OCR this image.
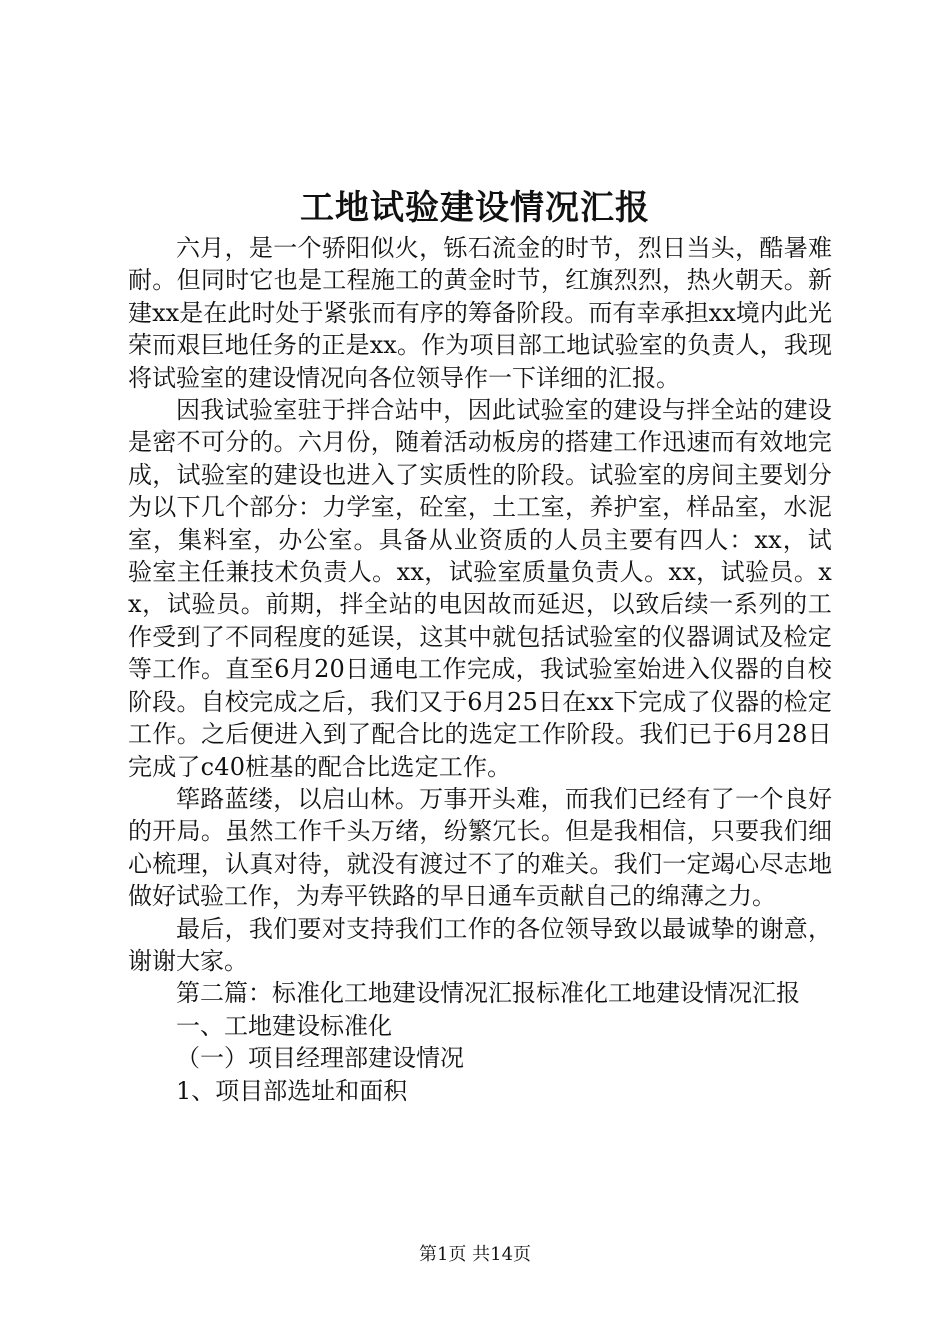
工地试验建设情况汇报

六月，是一个骄阳似火，铄石流金的时节，烈日当头，酷暑难耐。但同时它也是工程施工的黄金时节，红旗烈烈，热火朝天。新建xx是在此时处于紧张而有序的筹备阶段。而有幸承担xx境内此光荣而艰巨地任务的正是xx。作为项目部工地试验室的负责人，我现将试验室的建设情况向各位领导作一下详细的汇报。

因我试验室驻于拌合站中，因此试验室的建设与拌全站的建设是密不可分的。六月份，随着活动板房的搭建工作迅速而有效地完成，试验室的建设也进入了实质性的阶段。试验室的房间主要划分为以下几个部分：力学室，砼室，土工室，养护室，样品室，水泥室，集料室，办公室。具备从业资质的人员主要有四人：xx，试验室主任兼技术负责人。xx，试验室质量负责人。xx，试验员。xx，试验员。前期，拌全站的电因故而延迟，以致后续一系列的工作受到了不同程度的延误，这其中就包括试验室的仪器调试及检定等工作。直至6月20日通电工作完成，我试验室始进入仪器的自校阶段。自校完成之后，我们又于6月25日在xx下完成了仪器的检定工作。之后便进入到了配合比的选定工作阶段。我们已于6月28日完成了c40桩基的配合比选定工作。

筚路蓝缕，以启山林。万事开头难，而我们已经有了一个良好的开局。虽然工作千头万绪，纷繁冗长。但是我相信，只要我们细心梳理，认真对待，就没有渡过不了的难关。我们一定竭心尽志地做好试验工作，为寿平铁路的早日通车贡献自己的绵薄之力。

最后，我们要对支持我们工作的各位领导致以最诚挚的谢意，谢谢大家。

第二篇：标准化工地建设情况汇报标准化工地建设情况汇报

一、工地建设标准化

（一）项目经理部建设情况

1、项目部选址和面积

第1页 共14页
